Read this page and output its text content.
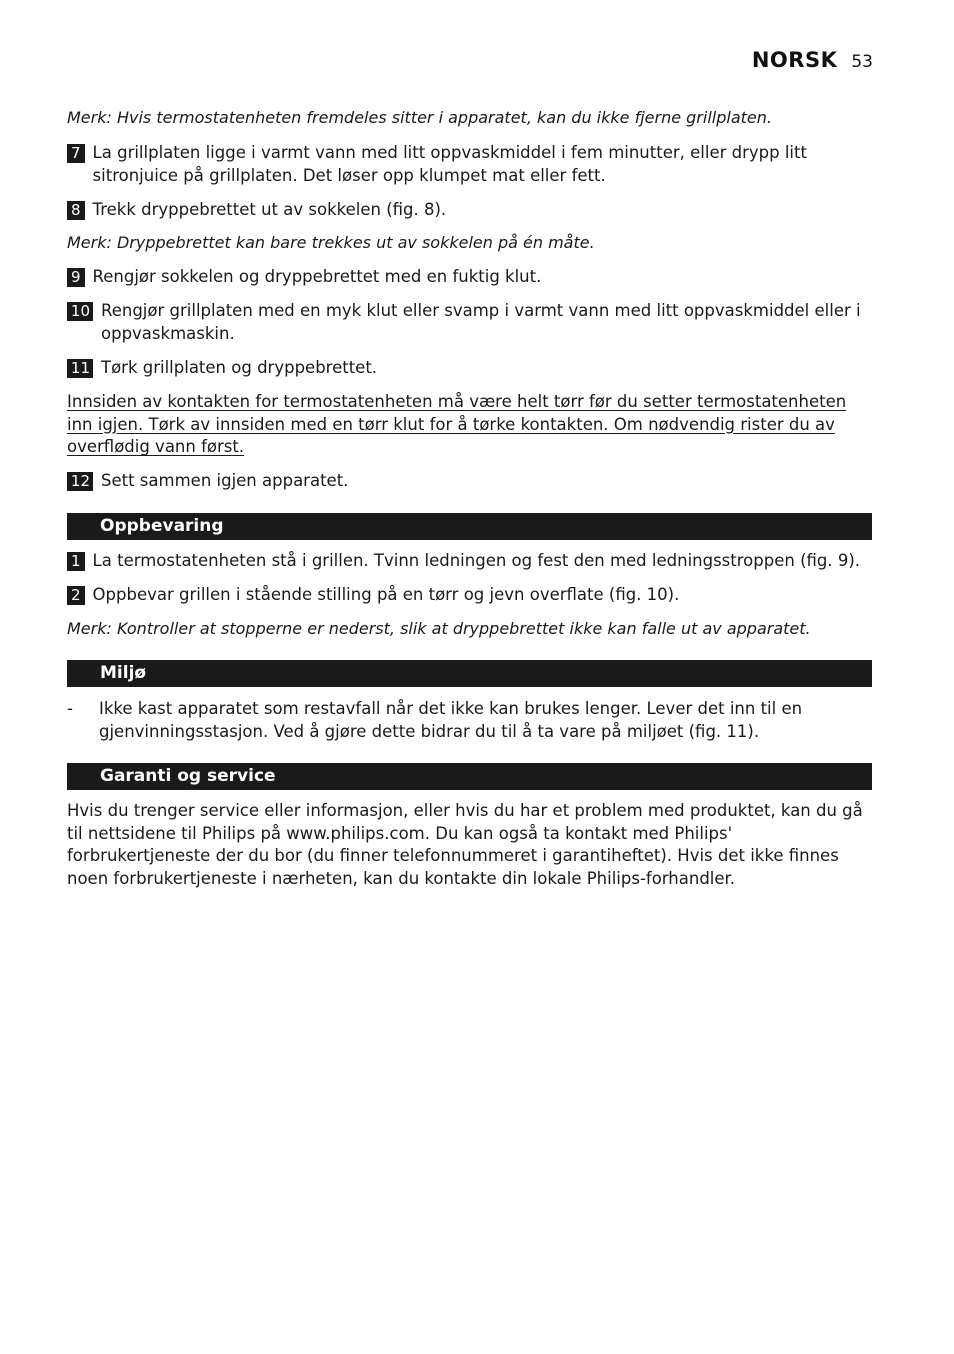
NORSK 53
Merk: Hvis termostatenheten fremdeles sitter i apparatet, kan du ikke fjerne grillplaten.
7 La grillplaten ligge i varmt vann med litt oppvaskmiddel i fem minutter, eller drypp litt sitronjuice på grillplaten. Det løser opp klumpet mat eller fett.
8 Trekk dryppebrettet ut av sokkelen (fig. 8).
Merk: Dryppebrettet kan bare trekkes ut av sokkelen på én måte.
9 Rengjør sokkelen og dryppebrettet med en fuktig klut.
10 Rengjør grillplaten med en myk klut eller svamp i varmt vann med litt oppvaskmiddel eller i oppvaskmaskin.
11 Tørk grillplaten og dryppebrettet.
Innsiden av kontakten for termostatenheten må være helt tørr før du setter termostatenheten inn igjen. Tørk av innsiden med en tørr klut for å tørke kontakten. Om nødvendig rister du av overflødig vann først.
12 Sett sammen igjen apparatet.
Oppbevaring
1 La termostatenheten stå i grillen. Tvinn ledningen og fest den med ledningsstroppen (fig. 9).
2 Oppbevar grillen i stående stilling på en tørr og jevn overflate (fig. 10).
Merk: Kontroller at stopperne er nederst, slik at dryppebrettet ikke kan falle ut av apparatet.
Miljø
-	Ikke kast apparatet som restavfall når det ikke kan brukes lenger. Lever det inn til en gjenvinningsstasjon. Ved å gjøre dette bidrar du til å ta vare på miljøet (fig. 11).
Garanti og service
Hvis du trenger service eller informasjon, eller hvis du har et problem med produktet, kan du gå til nettsidene til Philips på www.philips.com. Du kan også ta kontakt med Philips' forbrukertjeneste der du bor (du finner telefonnummeret i garantiheftet). Hvis det ikke finnes noen forbrukertjeneste i nærheten, kan du kontakte din lokale Philips-forhandler.
